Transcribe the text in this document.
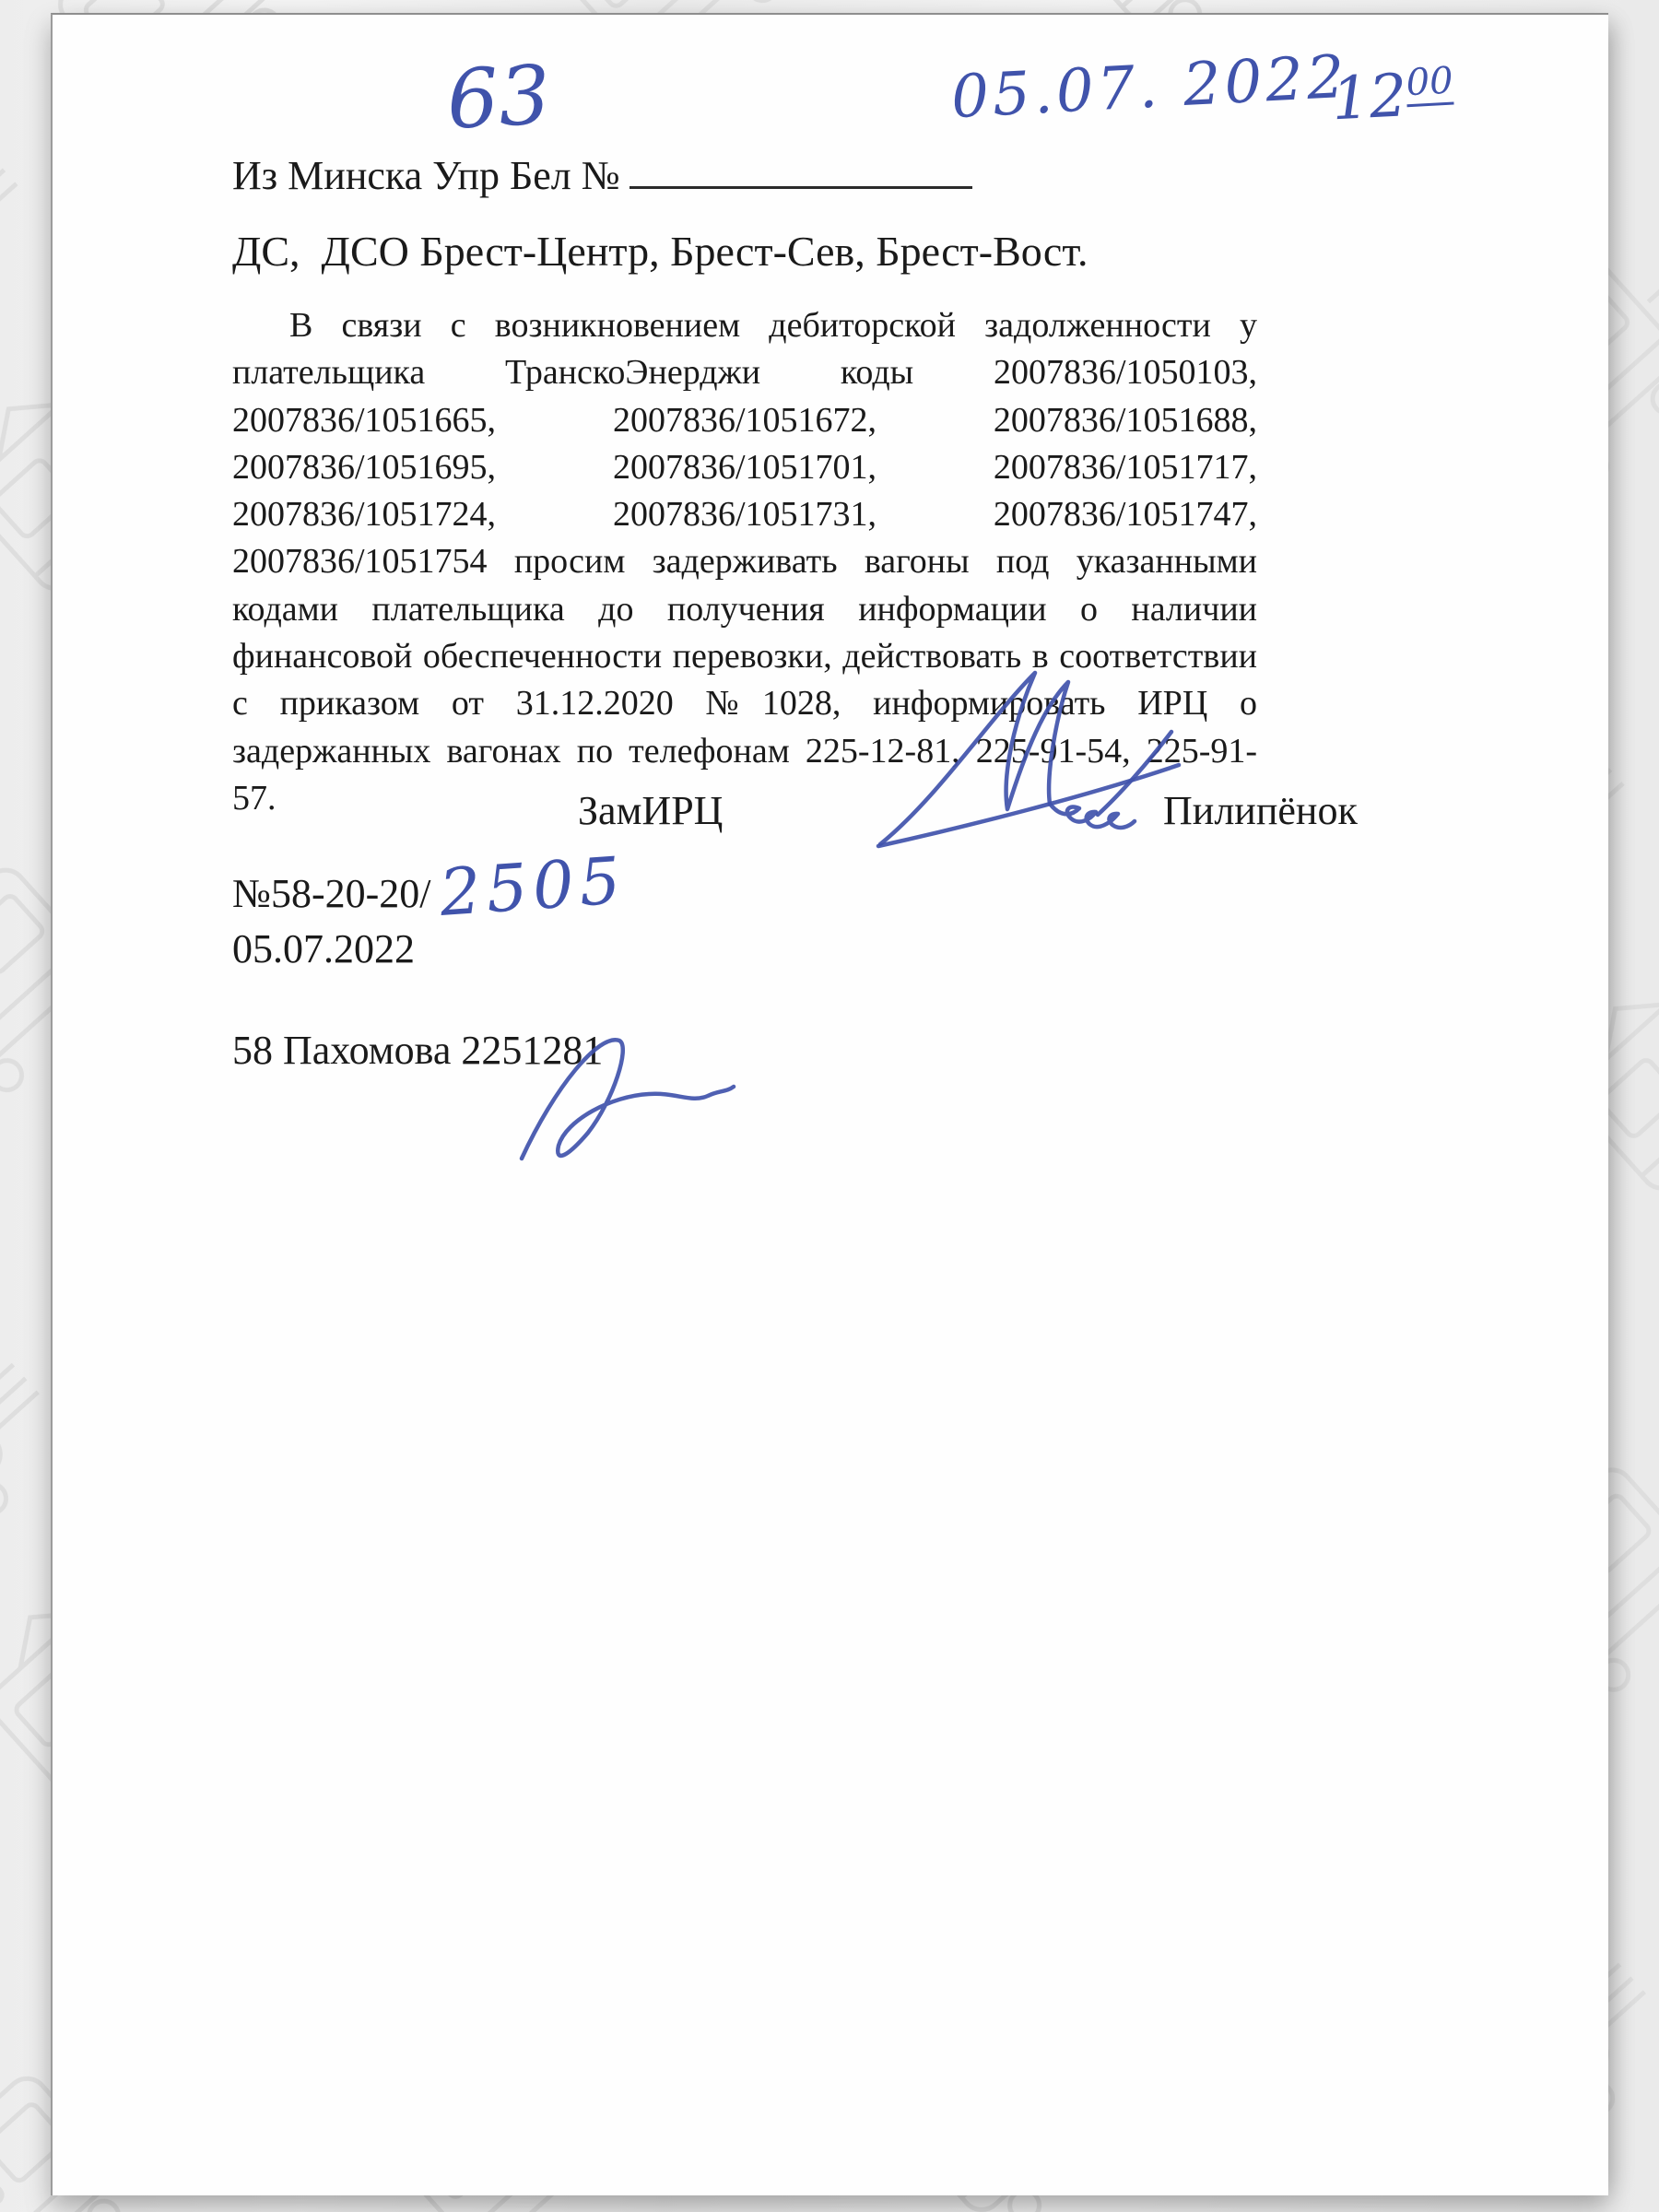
Из Минска Упр Бел №
63	05.07. 2022
$12^{00}$
ДС,  ДСО Брест-Центр, Брест-Сев, Брест-Вост.

В связи с возникновением дебиторской задолженности у плательщика ТранскоЭнерджи коды 2007836/1050103, 2007836/1051665, 2007836/1051672, 2007836/1051688, 2007836/1051695, 2007836/1051701, 2007836/1051717, 2007836/1051724, 2007836/1051731, 2007836/1051747, 2007836/1051754 просим задерживать вагоны под указанными кодами плательщика до получения информации о наличии финансовой обеспеченности перевозки, действовать в соответствии с приказом от 31.12.2020 №1028, информировать ИРЦ о задержанных вагонах по телефонам 225-12-81, 225-91-54, 225-91-57.	ЗамИРЦ	Пилипёнок
№58-20-20/ 2505
05.07.2022
58 Пахомова 2251281
